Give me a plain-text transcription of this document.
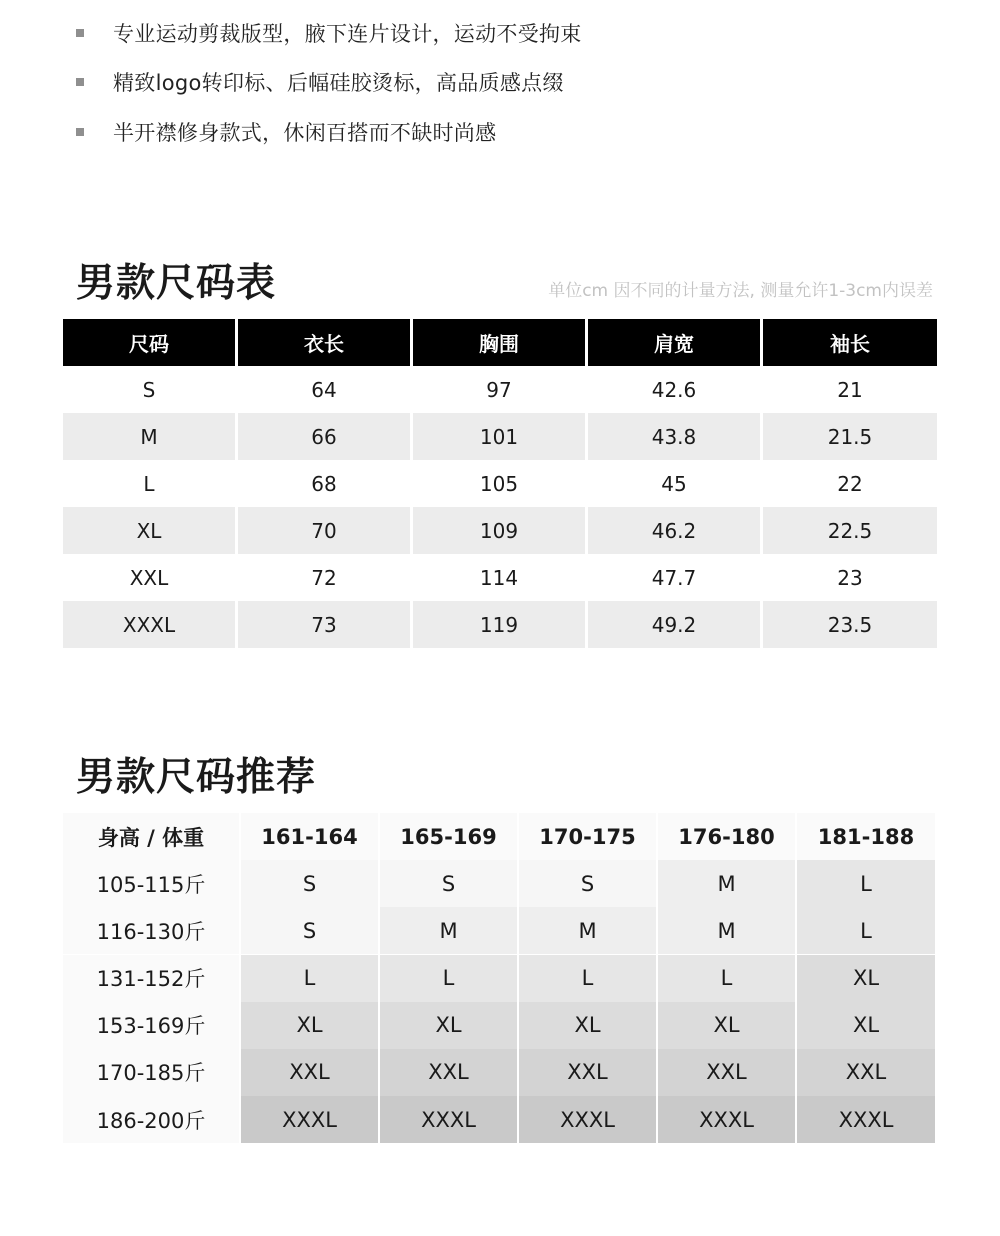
专业运动剪裁版型，腋下连片设计，运动不受拘束
精致logo转印标、后幅硅胶烫标，高品质感点缀
半开襟修身款式，休闲百搭而不缺时尚感
男款尺码表	单位cm 因不同的计量方法, 测量允许1-3cm内误差
尺码	衣长	胸围	肩宽	袖长
S	64	97	42.6	21
M	66	101	43.8	21.5
L	68	105	45	22
XL	70	109	46.2	22.5
XXL	72	114	47.7	23
XXXL	73	119	49.2	23.5
男款尺码推荐
身高 / 体重	161-164	165-169	170-175	176-180	181-188
105-115斤	S	S	S	M	L
116-130斤	S	M	M	M	L
131-152斤	L	L	L	L	XL
153-169斤	XL	XL	XL	XL	XL
170-185斤	XXL	XXL	XXL	XXL	XXL
186-200斤	XXXL	XXXL	XXXL	XXXL	XXXL
